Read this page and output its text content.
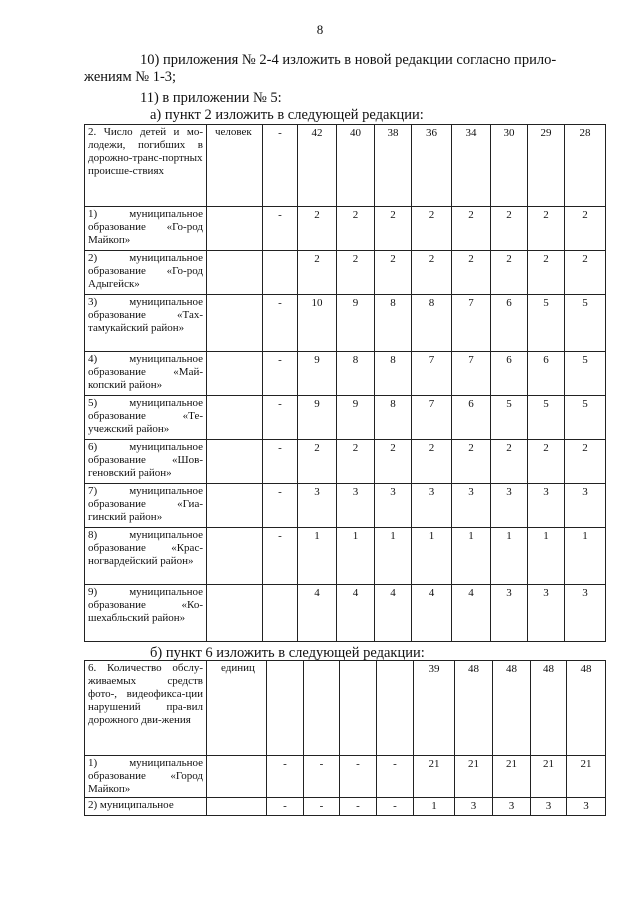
8
10) приложения № 2-4 изложить в новой редакции согласно прило-
жениям № 1-3;
11) в приложении № 5:
а) пункт 2 изложить в следующей редакции:
2. Число детей и мо-лодежи, погибших в дорожно-транс-портных происше-ствиях	человек	-	42	40	38	36	34	30	29	28
1) муниципальное образование «Го-род Майкоп»		-	2	2	2	2	2	2	2	2
2) муниципальное образование «Го-род Адыгейск»			2	2	2	2	2	2	2	2
3) муниципальное образование «Тах-тамукайский район»		-	10	9	8	8	7	6	5	5
4) муниципальное образование «Май-копский район»		-	9	8	8	7	7	6	6	5
5) муниципальное образование «Те-учежский район»		-	9	9	8	7	6	5	5	5
6) муниципальное образование «Шов-геновский район»		-	2	2	2	2	2	2	2	2
7) муниципальное образование «Гиа-гинский район»		-	3	3	3	3	3	3	3	3
8) муниципальное образование «Крас-ногвардейский район»		-	1	1	1	1	1	1	1	1
9) муниципальное образование «Ко-шехабльский район»			4	4	4	4	4	3	3	3
б) пункт 6 изложить в следующей редакции:
6. Количество обслу-живаемых средств фото-, видеофикса-ции нарушений пра-вил дорожного дви-жения	единиц					39	48	48	48	48
1) муниципальное образование «Город Майкоп»		-	-	-	-	21	21	21	21	21
2) муниципальное		-	-	-	-	1	3	3	3	3
